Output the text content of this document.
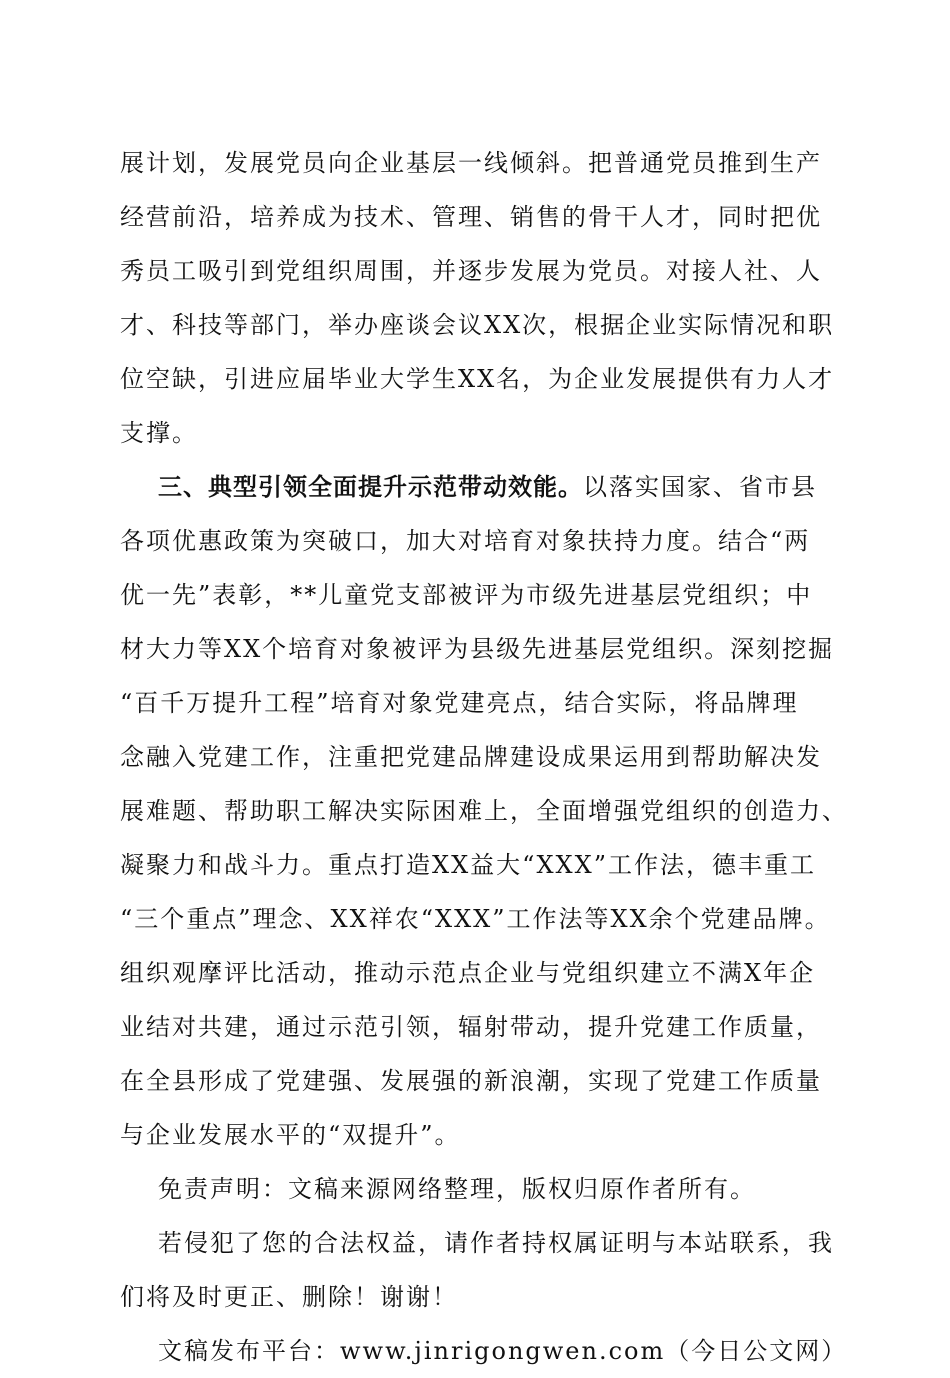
展计划，发展党员向企业基层一线倾斜。把普通党员推到生产
经营前沿，培养成为技术、管理、销售的骨干人才，同时把优
秀员工吸引到党组织周围，并逐步发展为党员。对接人社、人
才、科技等部门，举办座谈会议XX次，根据企业实际情况和职
位空缺，引进应届毕业大学生XX名，为企业发展提供有力人才
支撑。
三、典型引领全面提升示范带动效能。以落实国家、省市县
各项优惠政策为突破口，加大对培育对象扶持力度。结合“两
优一先”表彰，**儿童党支部被评为市级先进基层党组织；中
材大力等XX个培育对象被评为县级先进基层党组织。深刻挖掘
“百千万提升工程”培育对象党建亮点，结合实际，将品牌理
念融入党建工作，注重把党建品牌建设成果运用到帮助解决发
展难题、帮助职工解决实际困难上，全面增强党组织的创造力、
凝聚力和战斗力。重点打造XX益大“XXX”工作法，德丰重工
“三个重点”理念、XX祥农“XXX”工作法等XX余个党建品牌。
组织观摩评比活动，推动示范点企业与党组织建立不满X年企
业结对共建，通过示范引领，辐射带动，提升党建工作质量，
在全县形成了党建强、发展强的新浪潮，实现了党建工作质量
与企业发展水平的“双提升”。
免责声明：文稿来源网络整理，版权归原作者所有。
若侵犯了您的合法权益，请作者持权属证明与本站联系，我
们将及时更正、删除！谢谢！
文稿发布平台：www.jinrigongwen.com（今日公文网）
